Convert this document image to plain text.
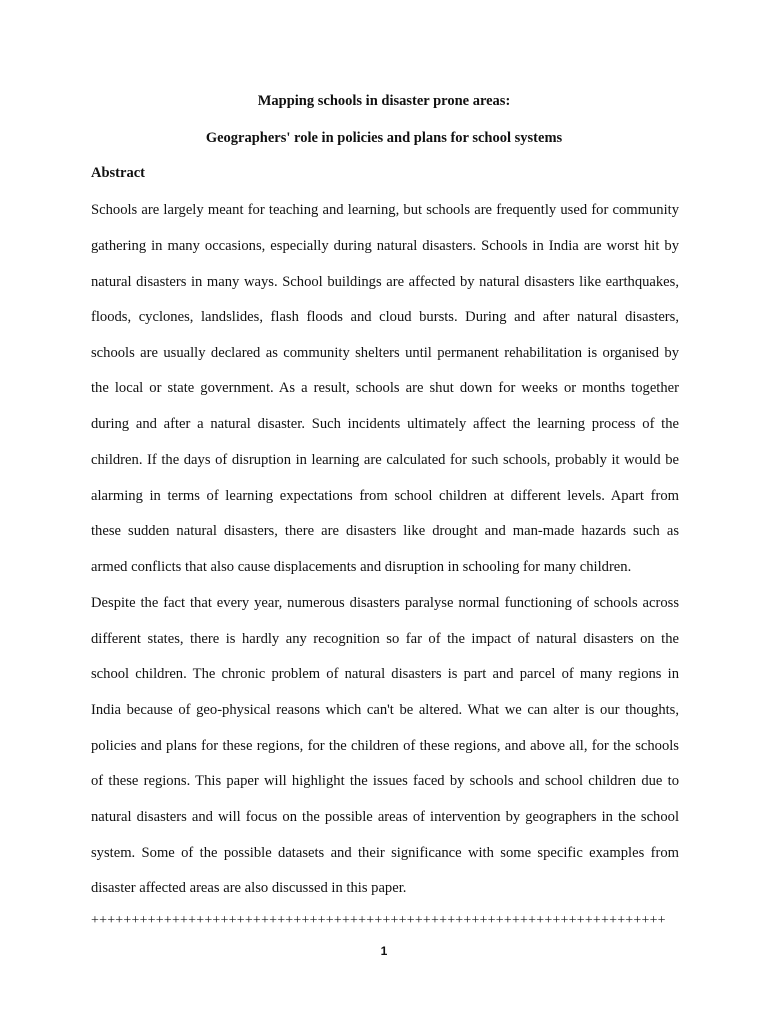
Mapping schools in disaster prone areas:
Geographers' role in policies and plans for school systems
Abstract
Schools are largely meant for teaching and learning, but schools are frequently used for community
gathering in many occasions, especially during natural disasters. Schools in India are worst hit by
natural disasters in many ways. School buildings are affected by natural disasters like earthquakes,
floods, cyclones, landslides, flash floods and cloud bursts. During and after natural disasters,
schools are usually declared as community shelters until permanent rehabilitation is organised by
the local or state government. As a result, schools are shut down for weeks or months together
during and after a natural disaster. Such incidents ultimately affect the learning process of the
children. If the days of disruption in learning are calculated for such schools, probably it would be
alarming in terms of learning expectations from school children at different levels. Apart from
these sudden natural disasters, there are disasters like drought and man-made hazards such as
armed conflicts that also cause displacements and disruption in schooling for many children.
Despite the fact that every year, numerous disasters paralyse normal functioning of schools across
different states, there is hardly any recognition so far of the impact of natural disasters on the
school children. The chronic problem of natural disasters is part and parcel of many regions in
India because of geo-physical reasons which can't be altered. What we can alter is our thoughts,
policies and plans for these regions, for the children of these regions, and above all, for the schools
of these regions. This paper will highlight the issues faced by schools and school children due to
natural disasters and will focus on the possible areas of intervention by geographers in the school
system. Some of the possible datasets and their significance with some specific examples from
disaster affected areas are also discussed in this paper.
+++++++++++++++++++++++++++++++++++++++++++++++++++++++++++++++++++++++
1
